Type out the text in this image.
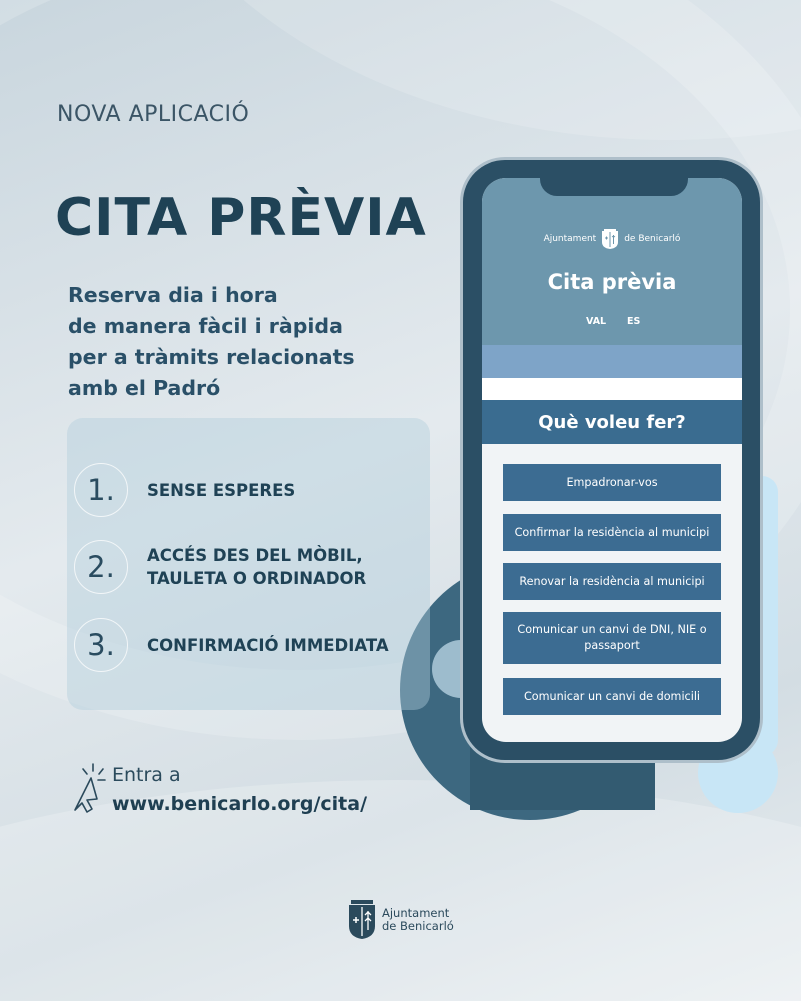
NOVA APLICACIÓ
CITA PRÈVIA
Reserva dia i hora
de manera fàcil i ràpida
per a tràmits relacionats
amb el Padró
1.	SENSE ESPERES
2.	ACCÉS DES DEL MÒBIL,
TAULETA O ORDINADOR
3.	CONFIRMACIÓ IMMEDIATA
Entra a
www.benicarlo.org/cita/
Ajuntament	de Benicarló
Cita prèvia
VAL ES
Què voleu fer?
Empadronar-vos
Confirmar la residència al municipi
Renovar la residència al municipi
Comunicar un canvi de DNI, NIE o passaport
Comunicar un canvi de domicili
Ajuntament
de Benicarló
